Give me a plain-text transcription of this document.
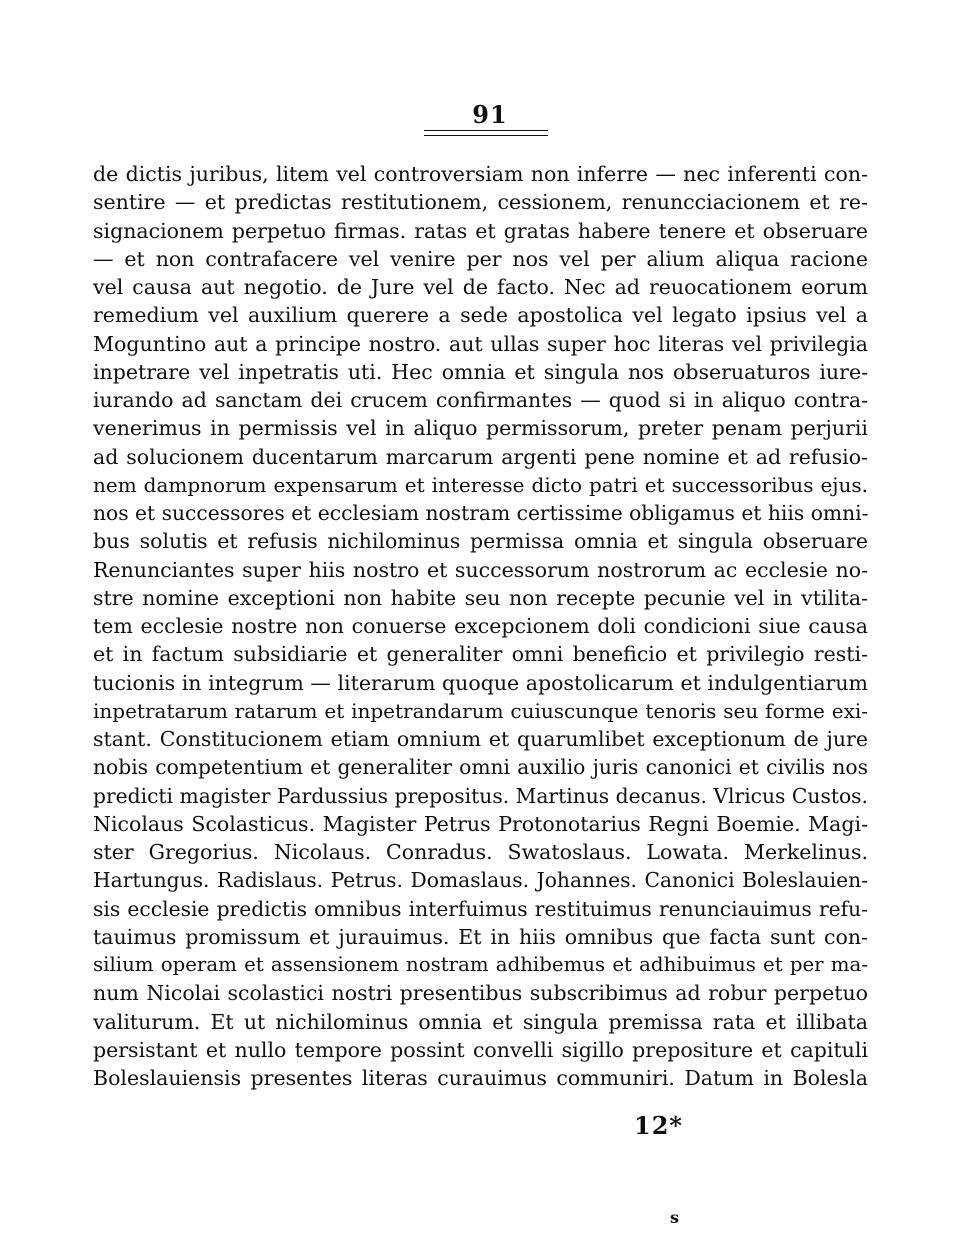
91
de dictis juribus, litem vel controversiam non inferre — nec inferenti con-
sentire — et predictas restitutionem, cessionem, renuncciacionem et re-
signacionem perpetuo firmas. ratas et gratas habere tenere et obseruare
— et non contrafacere vel venire per nos vel per alium aliqua racione
vel causa aut negotio. de Jure vel de facto. Nec ad reuocationem eorum
remedium vel auxilium querere a sede apostolica vel legato ipsius vel a
Moguntino aut a principe nostro. aut ullas super hoc literas vel privilegia
inpetrare vel inpetratis uti. Hec omnia et singula nos obseruaturos iure-
iurando ad sanctam dei crucem confirmantes — quod si in aliquo contra-
venerimus in permissis vel in aliquo permissorum, preter penam perjurii
ad solucionem ducentarum marcarum argenti pene nomine et ad refusio-
nem dampnorum expensarum et interesse dicto patri et successoribus ejus.
nos et successores et ecclesiam nostram certissime obligamus et hiis omni-
bus solutis et refusis nichilominus permissa omnia et singula obseruare
Renunciantes super hiis nostro et successorum nostrorum ac ecclesie no-
stre nomine exceptioni non habite seu non recepte pecunie vel in vtilita-
tem ecclesie nostre non conuerse excepcionem doli condicioni siue causa
et in factum subsidiarie et generaliter omni beneficio et privilegio resti-
tucionis in integrum — literarum quoque apostolicarum et indulgentiarum
inpetratarum ratarum et inpetrandarum cuiuscunque tenoris seu forme exi-
stant. Constitucionem etiam omnium et quarumlibet exceptionum de jure
nobis competentium et generaliter omni auxilio juris canonici et civilis nos
predicti magister Pardussius prepositus. Martinus decanus. Vlricus Custos.
Nicolaus Scolasticus. Magister Petrus Protonotarius Regni Boemie. Magi-
ster Gregorius. Nicolaus. Conradus. Swatoslaus. Lowata. Merkelinus.
Hartungus. Radislaus. Petrus. Domaslaus. Johannes. Canonici Boleslauien-
sis ecclesie predictis omnibus interfuimus restituimus renunciauimus refu-
tauimus promissum et jurauimus. Et in hiis omnibus que facta sunt con-
silium operam et assensionem nostram adhibemus et adhibuimus et per ma-
num Nicolai scolastici nostri presentibus subscribimus ad robur perpetuo
valiturum. Et ut nichilominus omnia et singula premissa rata et illibata
persistant et nullo tempore possint convelli sigillo prepositure et capituli
Boleslauiensis presentes literas curauimus communiri. Datum in Bolesla
12*
s
